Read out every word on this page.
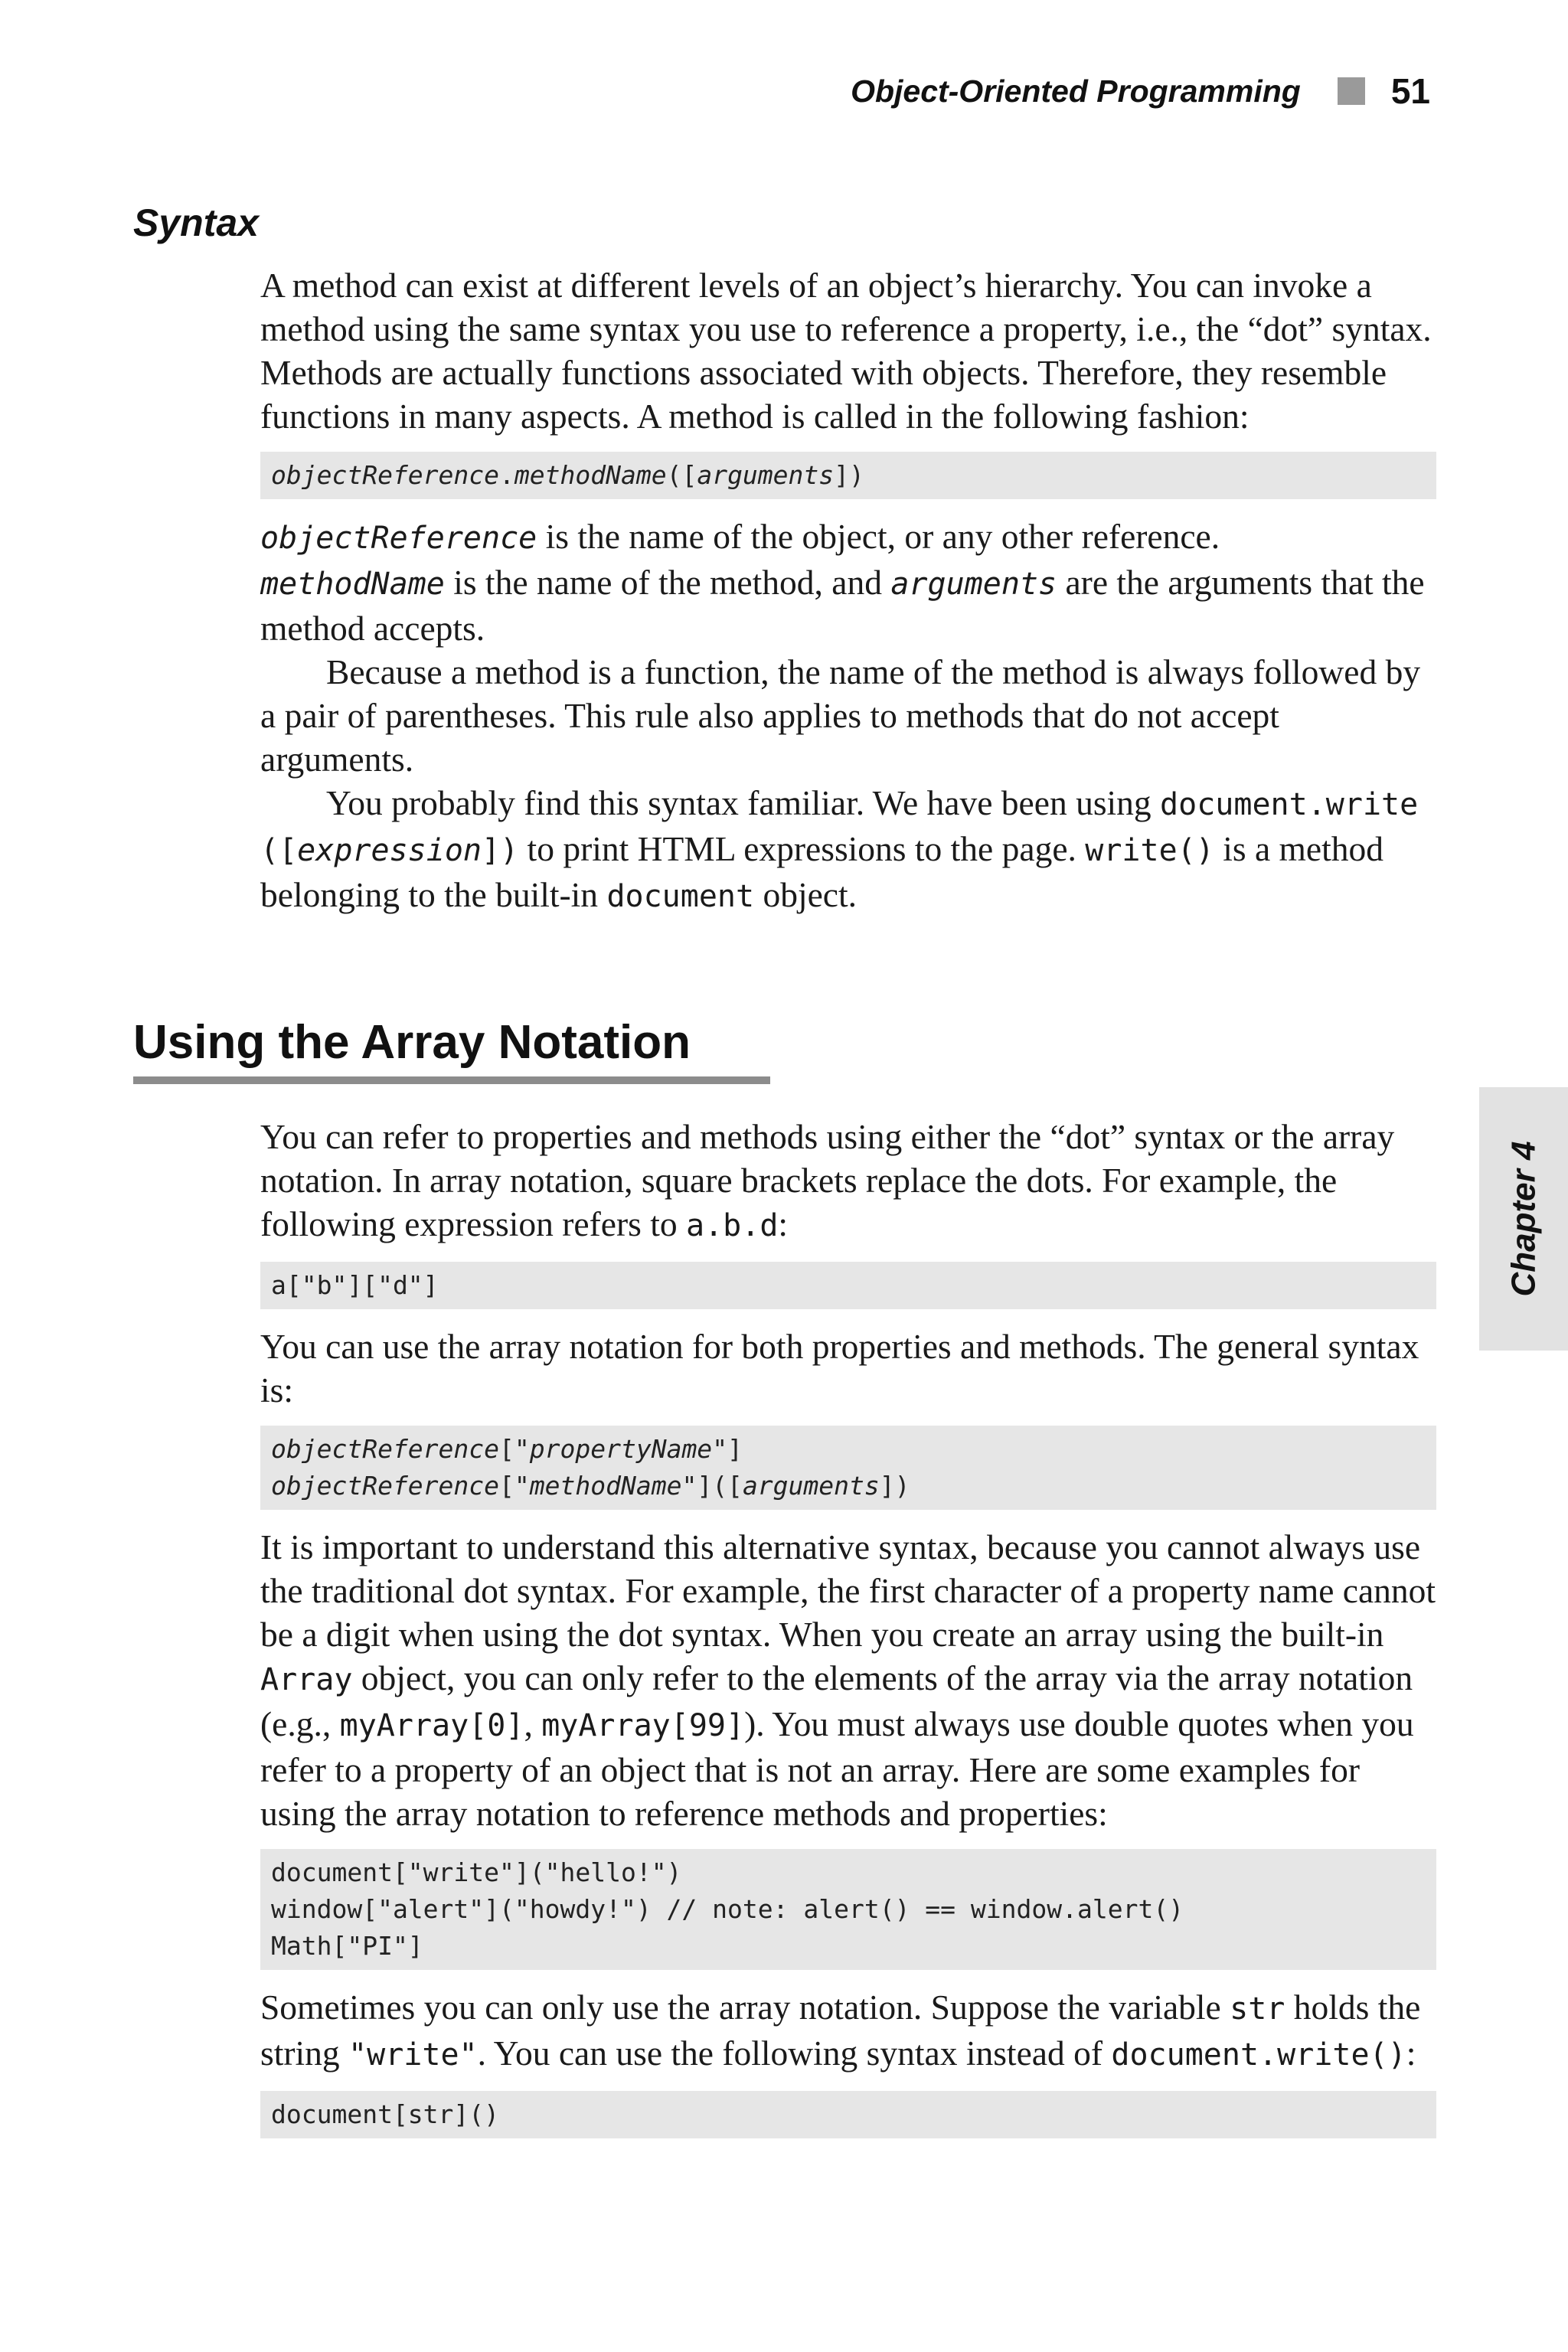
Object-Oriented Programming	51
Syntax

A method can exist at different levels of an object’s hierarchy. You can invoke a method using the same syntax you use to reference a property, i.e., the “dot” syntax. Methods are actually functions associated with objects. Therefore, they resemble functions in many aspects. A method is called in the following fashion:

objectReference.methodName([arguments])

objectReference is the name of the object, or any other reference.
methodName is the name of the method, and arguments are the arguments that the method accepts.

Because a method is a function, the name of the method is always followed by a pair of parentheses. This rule also applies to methods that do not accept arguments.

You probably find this syntax familiar. We have been using document.write ([expression]) to print HTML expressions to the page. write() is a method belonging to the built-in document object.

Using the Array Notation
Chapter 4

You can refer to properties and methods using either the “dot” syntax or the array notation. In array notation, square brackets replace the dots. For example, the following expression refers to a.b.d:

a["b"]["d"]

You can use the array notation for both properties and methods. The general syntax is:

objectReference["propertyName"]
objectReference["methodName"]([arguments])

It is important to understand this alternative syntax, because you cannot always use the traditional dot syntax. For example, the first character of a property name cannot be a digit when using the dot syntax. When you create an array using the built-in Array object, you can only refer to the elements of the array via the array notation (e.g., myArray[0], myArray[99]). You must always use double quotes when you refer to a property of an object that is not an array. Here are some examples for using the array notation to reference methods and properties:

document["write"]("hello!")
window["alert"]("howdy!") // note: alert() == window.alert()
Math["PI"]

Sometimes you can only use the array notation. Suppose the variable str holds the string "write". You can use the following syntax instead of document.write():

document[str]()
